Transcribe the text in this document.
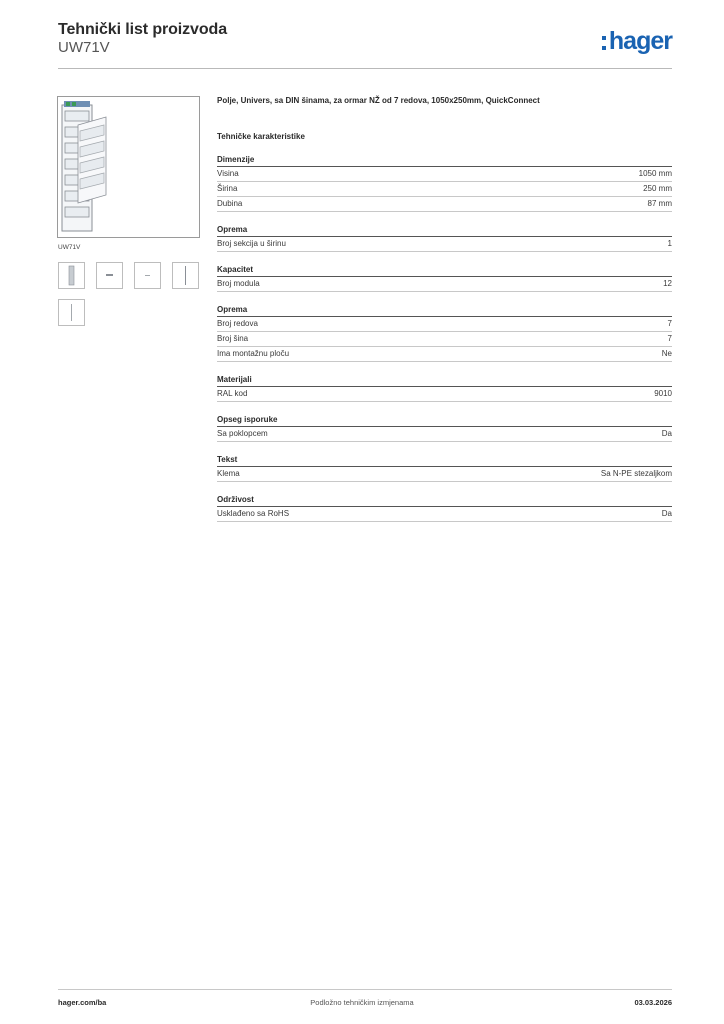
Tehnički list proizvoda
UW71V	hager
UW71V
Polje, Univers, sa DIN šinama, za ormar NŽ od 7 redova, 1050x250mm, QuickConnect
Tehničke karakteristike
Dimenzije
Visina	1050 mm
Širina	250 mm
Dubina	87 mm
Oprema
Broj sekcija u širinu	1
Kapacitet
Broj modula	12
Oprema
Broj redova	7
Broj šina	7
Ima montažnu ploču	Ne
Materijali
RAL kod	9010
Opseg isporuke
Sa poklopcem	Da
Tekst
Klema	Sa N-PE stezaljkom
Održivost
Usklađeno sa RoHS	Da
hager.com/ba	Podložno tehničkim izmjenama	03.03.2026
